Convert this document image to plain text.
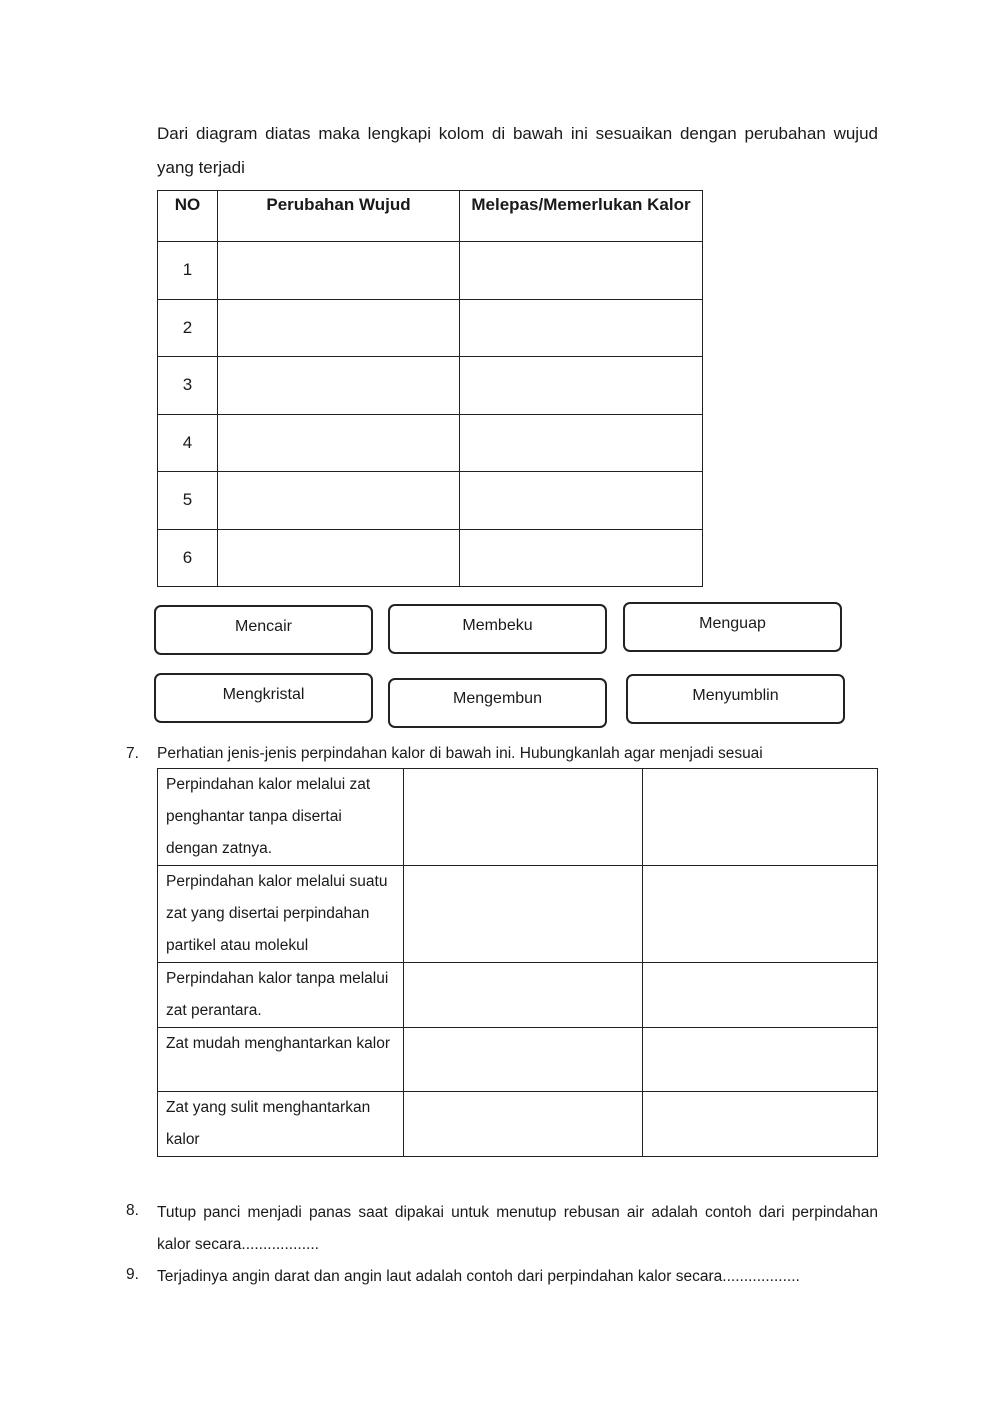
Dari diagram diatas maka lengkapi kolom di bawah ini sesuaikan dengan perubahan wujud yang terjadi
NO	Perubahan Wujud	Melepas/Memerlukan Kalor
1		
2		
3		
4		
5		
6		
Mencair	Membeku	Menguap
Mengkristal	Mengembun	Menyumblin
7. Perhatian jenis-jenis perpindahan kalor di bawah ini. Hubungkanlah agar menjadi sesuai
Perpindahan kalor melalui zat penghantar tanpa disertai dengan zatnya.		
Perpindahan kalor melalui suatu zat yang disertai perpindahan partikel atau molekul		
Perpindahan kalor tanpa melalui zat perantara.		
Zat mudah menghantarkan kalor		
Zat yang sulit menghantarkan kalor		
8. Tutup panci menjadi panas saat dipakai untuk menutup rebusan air adalah contoh dari perpindahan kalor secara..................
9. Terjadinya angin darat dan angin laut adalah contoh dari perpindahan kalor secara..................
